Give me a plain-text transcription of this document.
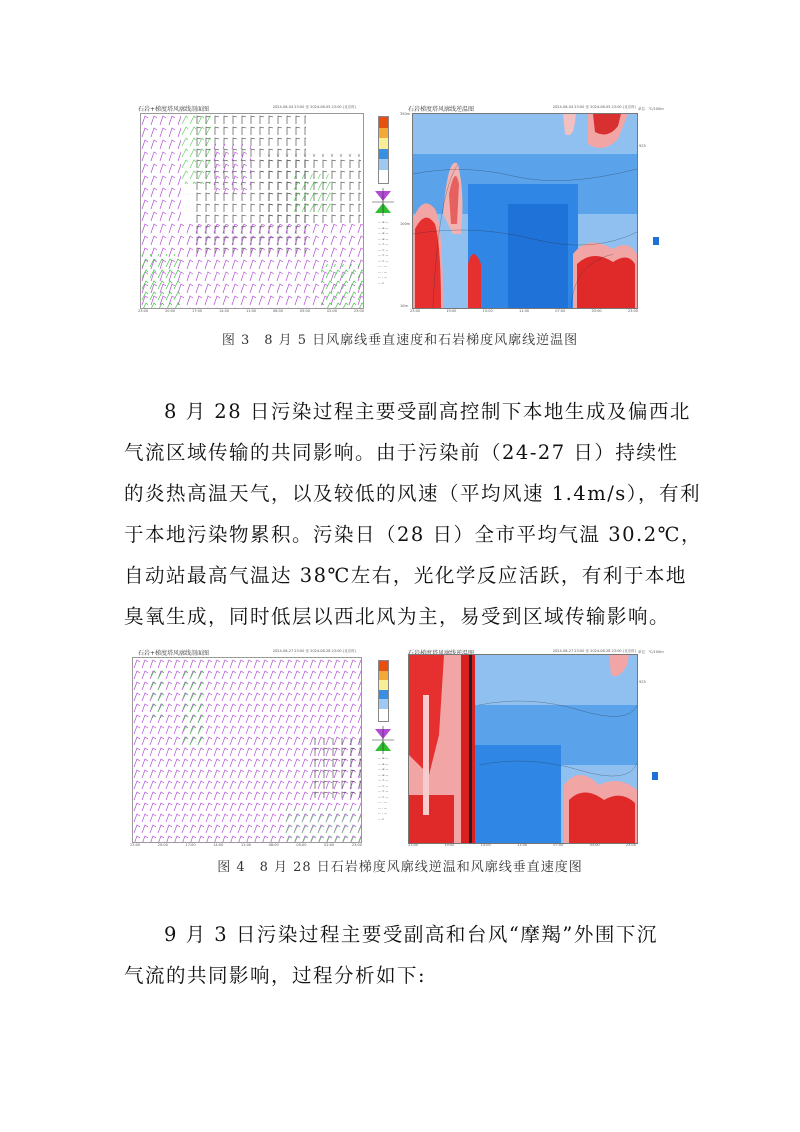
石岩+梯度塔风廓线剖面图	2024-08-04 23:00 至 2024-08-05 23:00 (北京时)
23:00	20:00	17:00	14:00	11:00	08:00	05:00	02:00	23:00
— ≡ ⁓
— ≡ ⁓
— ≡ ⁓
— ≡ ⁓
— = ⁓
— = ⁓
— = ⁓
— = ⁓
— - ⁓
— - ⁓
— - ⁓
— o
石岩梯度塔风廓线逆温图	2024-08-04 23:00 至 2024-08-05 23:00 (北京时)
350m
100m
10m
单位：℃/100m
925
23:00	19:00	15:00	11:00	07:00	03:00	23:00
图 3　8 月 5 日风廓线垂直速度和石岩梯度风廓线逆温图
8 月 28 日污染过程主要受副高控制下本地生成及偏西北
气流区域传输的共同影响。由于污染前（24-27 日）持续性
的炎热高温天气，以及较低的风速（平均风速 1.4m/s），有利
于本地污染物累积。污染日（28 日）全市平均气温 30.2℃，
自动站最高气温达 38℃左右，光化学反应活跃，有利于本地
臭氧生成，同时低层以西北风为主，易受到区域传输影响。
石岩+梯度塔风廓线剖面图	2024-08-27 23:00 至 2024-08-28 23:00 (北京时)
23:00	20:00	17:00	14:00	11:00	08:00	05:00	02:00	23:00
— ≡ ⁓
— ≡ ⁓
— ≡ ⁓
— ≡ ⁓
— = ⁓
— = ⁓
— = ⁓
— = ⁓
— - ⁓
— - ⁓
— - ⁓
— o
2024-08-27 23:00 至 2024-08-28 23:00 (北京时) 单位：℃/100m
925
23:00	19:00	15:00	11:00	07:00	03:00	23:00
图 4　8 月 28 日石岩梯度风廓线逆温和风廓线垂直速度图
9 月 3 日污染过程主要受副高和台风“摩羯”外围下沉
气流的共同影响，过程分析如下:
